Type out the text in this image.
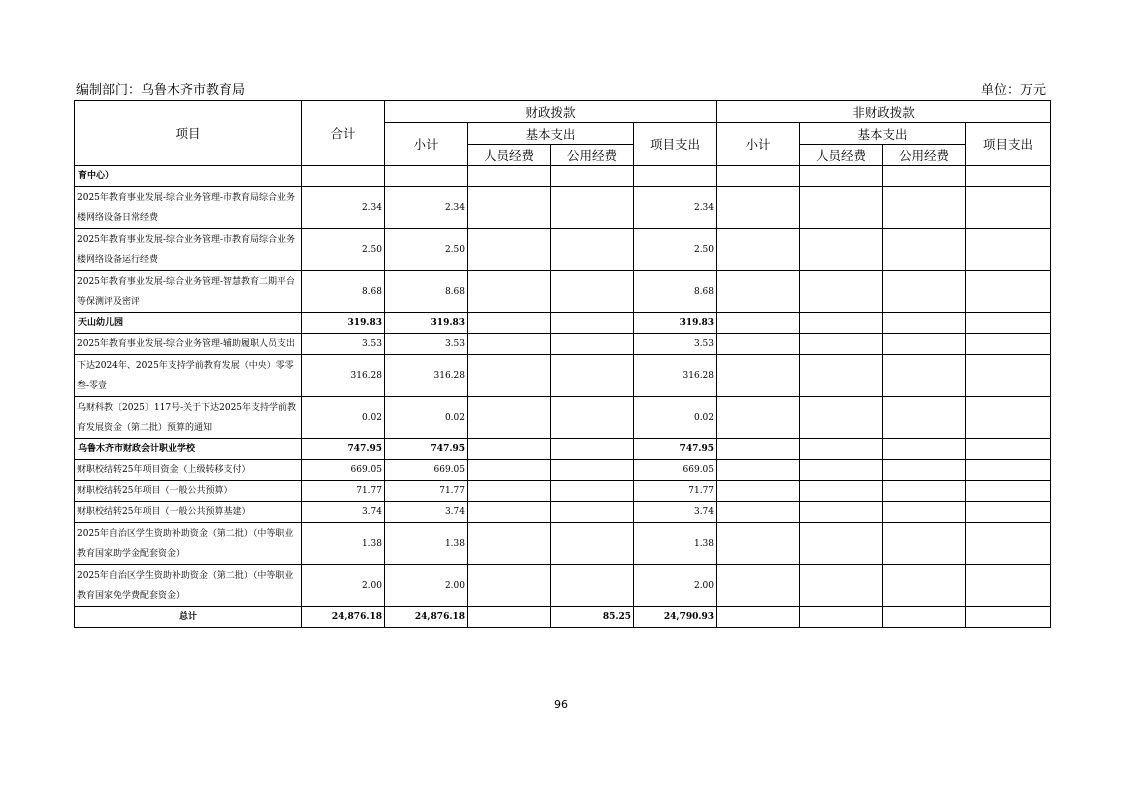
编制部门：乌鲁木齐市教育局	单位：万元
项目	合计	财政拨款				非财政拨款				
		小计	基本支出		项目支出	小计	基本支出		项目支出	
			人员经费	公用经费			人员经费	公用经费		
育中心）										
2025年教育事业发展-综合业务管理-市教育局综合业务楼网络设备日常经费	2.34	2.34			2.34					
2025年教育事业发展-综合业务管理-市教育局综合业务楼网络设备运行经费	2.50	2.50			2.50					
2025年教育事业发展-综合业务管理-智慧教育二期平台等保测评及密评	8.68	8.68			8.68					
天山幼儿园	319.83	319.83			319.83					
2025年教育事业发展-综合业务管理-辅助履职人员支出	3.53	3.53			3.53					
下达2024年、2025年支持学前教育发展（中央）零零叁-零壹	316.28	316.28			316.28					
乌财科教〔2025〕117号-关于下达2025年支持学前教育发展资金（第二批）预算的通知	0.02	0.02			0.02					
乌鲁木齐市财政会计职业学校	747.95	747.95			747.95					
财职校结转25年项目资金（上级转移支付）	669.05	669.05			669.05					
财职校结转25年项目（一般公共预算）	71.77	71.77			71.77					
财职校结转25年项目（一般公共预算基建）	3.74	3.74			3.74					
2025年自治区学生资助补助资金（第二批）（中等职业教育国家助学金配套资金）	1.38	1.38			1.38					
2025年自治区学生资助补助资金（第二批）（中等职业教育国家免学费配套资金）	2.00	2.00			2.00					
总计	24,876.18	24,876.18		85.25	24,790.93					
96
